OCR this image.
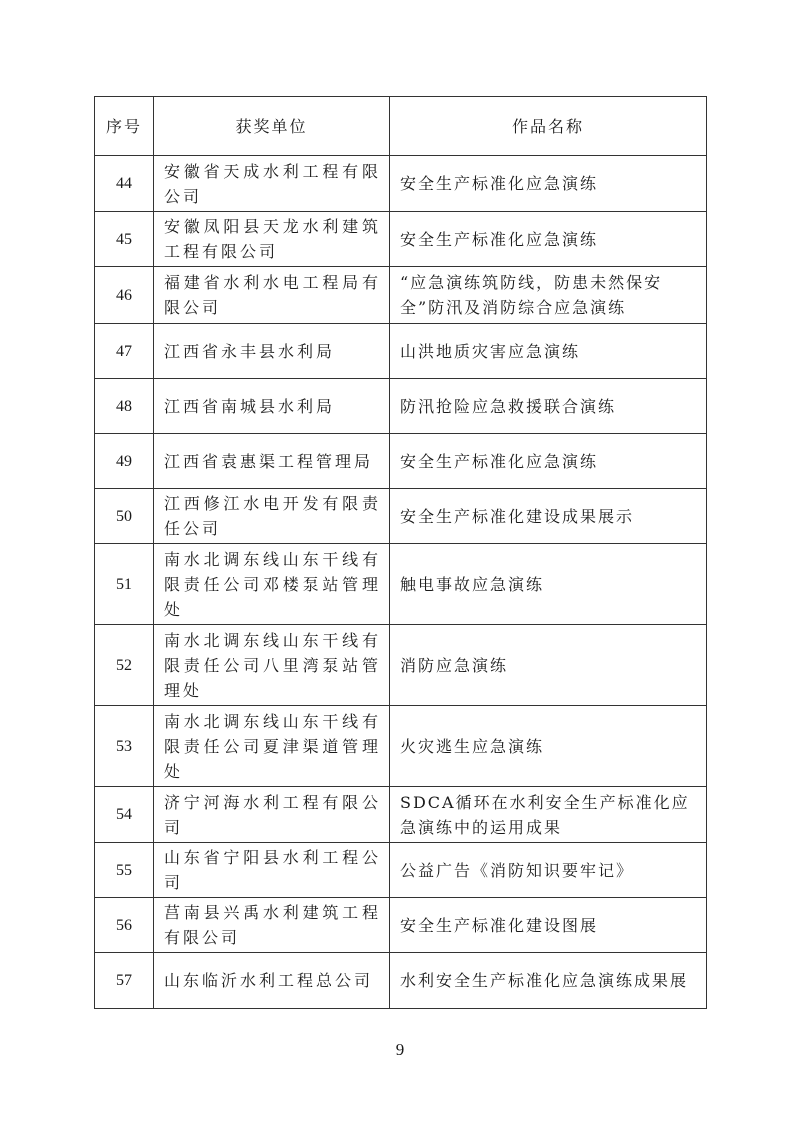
序号	获奖单位	作品名称
44	安徽省天成水利工程有限公司	安全生产标准化应急演练
45	安徽凤阳县天龙水利建筑工程有限公司	安全生产标准化应急演练
46	福建省水利水电工程局有限公司	“应急演练筑防线，防患未然保安全”防汛及消防综合应急演练
47	江西省永丰县水利局	山洪地质灾害应急演练
48	江西省南城县水利局	防汛抢险应急救援联合演练
49	江西省袁惠渠工程管理局	安全生产标准化应急演练
50	江西修江水电开发有限责任公司	安全生产标准化建设成果展示
51	南水北调东线山东干线有限责任公司邓楼泵站管理处	触电事故应急演练
52	南水北调东线山东干线有限责任公司八里湾泵站管理处	消防应急演练
53	南水北调东线山东干线有限责任公司夏津渠道管理处	火灾逃生应急演练
54	济宁河海水利工程有限公司	SDCA循环在水利安全生产标准化应急演练中的运用成果
55	山东省宁阳县水利工程公司	公益广告《消防知识要牢记》
56	莒南县兴禹水利建筑工程有限公司	安全生产标准化建设图展
57	山东临沂水利工程总公司	水利安全生产标准化应急演练成果展
9
